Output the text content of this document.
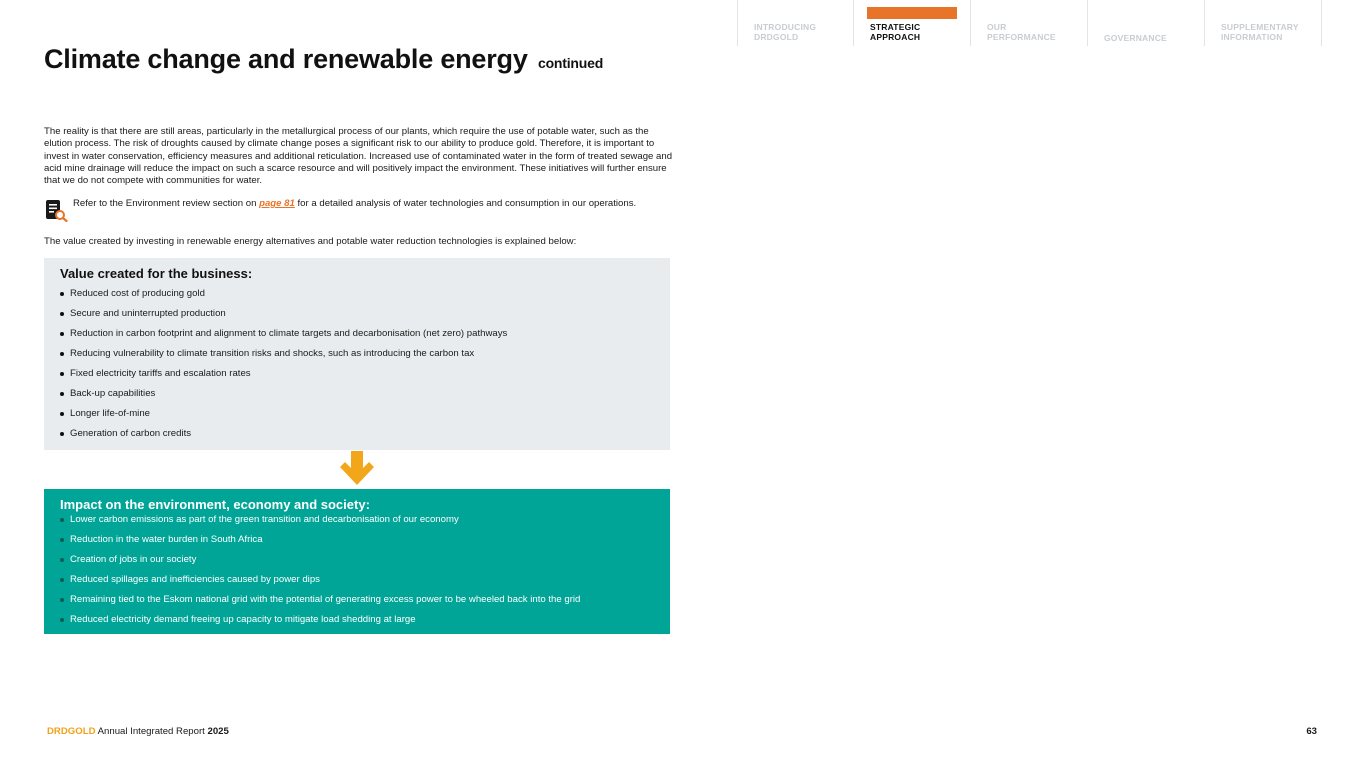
INTRODUCING
DRDGOLD
STRATEGIC
APPROACH
OUR
PERFORMANCE	GOVERNANCE
SUPPLEMENTARY
INFORMATION
Climate change and renewable energy continued

The reality is that there are still areas, particularly in the metallurgical process of our plants, which require the use of potable water, such as the elution process. The risk of droughts caused by climate change poses a significant risk to our ability to produce gold. Therefore, it is important to invest in water conservation, efficiency measures and additional reticulation. Increased use of contaminated water in the form of treated sewage and acid mine drainage will reduce the impact on such a scarce resource and will positively impact the environment. These initiatives will further ensure that we do not compete with communities for water.

Refer to the Environment review section on page 81 for a detailed analysis of water technologies and consumption in our operations.

The value created by investing in renewable energy alternatives and potable water reduction technologies is explained below:

Value created for the business:
Reduced cost of producing gold
Secure and uninterrupted production
Reduction in carbon footprint and alignment to climate targets and decarbonisation (net zero) pathways
Reducing vulnerability to climate transition risks and shocks, such as introducing the carbon tax
Fixed electricity tariffs and escalation rates
Back-up capabilities
Longer life-of-mine
Generation of carbon credits
Impact on the environment, economy and society:
Lower carbon emissions as part of the green transition and decarbonisation of our economy
Reduction in the water burden in South Africa
Creation of jobs in our society
Reduced spillages and inefficiencies caused by power dips
Remaining tied to the Eskom national grid with the potential of generating excess power to be wheeled back into the grid
Reduced electricity demand freeing up capacity to mitigate load shedding at large
DRDGOLD Annual Integrated Report 2025	63
